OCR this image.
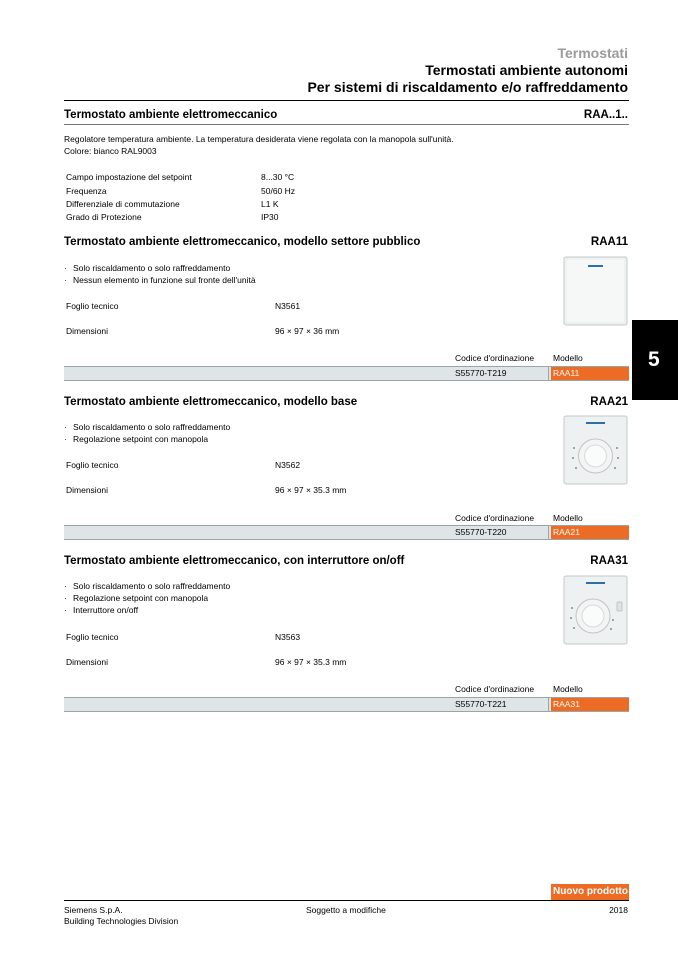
Termostati
Termostati ambiente autonomi
Per sistemi di riscaldamento e/o raffreddamento
Termostato ambiente elettromeccanico	RAA..1..
Regolatore temperatura ambiente. La temperatura desiderata viene regolata con la manopola sull'unità.
Colore: bianco RAL9003
Campo impostazione del setpoint	8...30 °C
Frequenza	50/60 Hz
Differenziale di commutazione	L1 K
Grado di Protezione	IP30
Termostato ambiente elettromeccanico, modello settore pubblico	RAA11
· Solo riscaldamento o solo raffreddamento
· Nessun elemento in funzione sul fronte dell'unità
Foglio tecnico	N3561
Dimensioni	96 × 97 × 36 mm
Codice d'ordinazione Modello
S55770-T219	RAA11
Termostato ambiente elettromeccanico, modello base	RAA21
· Solo riscaldamento o solo raffreddamento
· Regolazione setpoint con manopola
Foglio tecnico	N3562
Dimensioni	96 × 97 × 35.3 mm
Codice d'ordinazione Modello
S55770-T220	RAA21
Termostato ambiente elettromeccanico, con interruttore on/off	RAA31
· Solo riscaldamento o solo raffreddamento
· Regolazione setpoint con manopola
· Interruttore on/off
Foglio tecnico	N3563
Dimensioni	96 × 97 × 35.3 mm
Codice d'ordinazione Modello
S55770-T221	RAA31
5
Nuovo prodotto
Siemens S.p.A.
Building Technologies Division
Soggetto a modifiche	2018
